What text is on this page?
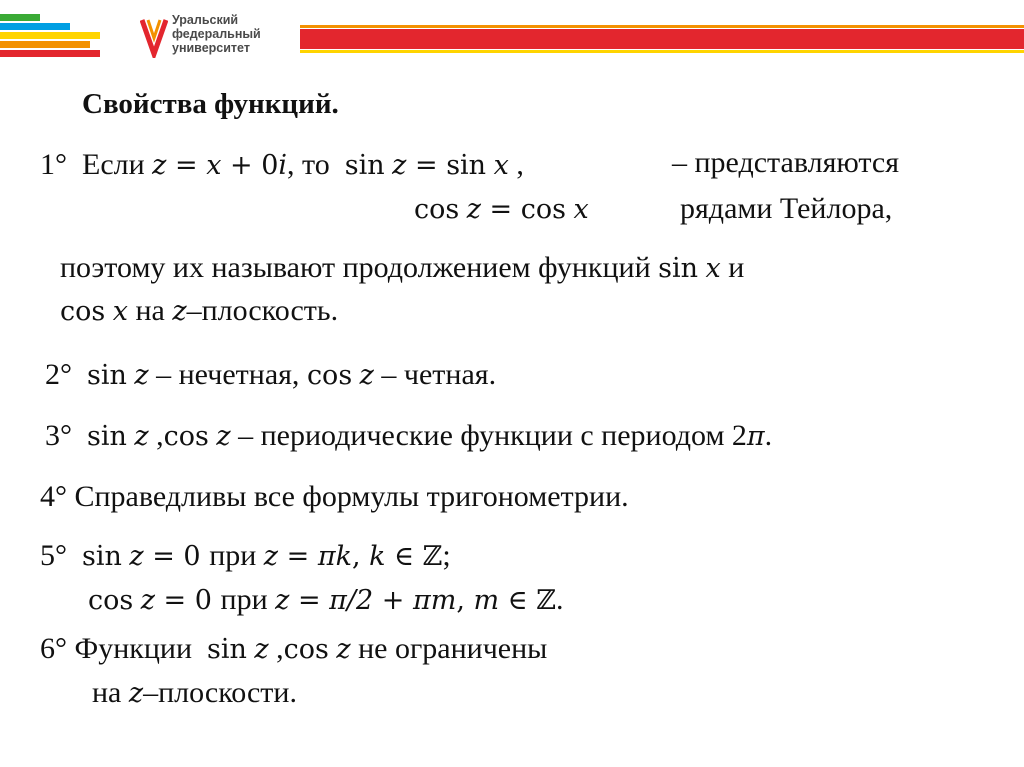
Уральский
федеральный
университет
Свойства функций.
1° Если z = x + 0i, то sin z = sin x ,
cos z = cos x
– представляются
рядами Тейлора,
поэтому их называют продолжением функций sin x и
cos x на z–плоскость.
2° sin z – нечетная, cos z – четная.
3° sin z ,cos z – периодические функции с периодом 2π.
4° Справедливы все формулы тригонометрии.
5° sin z = 0 при z = πk, k ∈ ℤ;
cos z = 0 при z = π/2 + πm, m ∈ ℤ.
6° Функции sin z ,cos z не ограничены
на z–плоскости.
